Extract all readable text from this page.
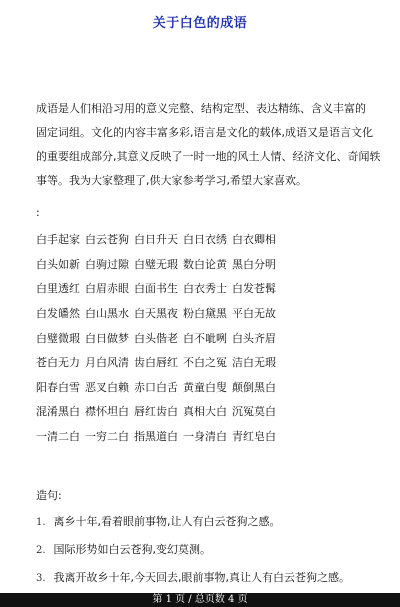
关于白色的成语
成语是人们相沿习用的意义完整、结构定型、表达精练、含义丰富的
固定词组。文化的内容丰富多彩,语言是文化的载体,成语又是语言文化
的重要组成部分,其意义反映了一时一地的风土人情、经济文化、奇闻轶
事等。我为大家整理了,供大家参考学习,希望大家喜欢。
:
白手起家 白云苍狗 白日升天 白日衣绣 白衣卿相
白头如新 白驹过隙 白璧无瑕 数白论黄 黑白分明
白里透红 白眉赤眼 白面书生 白衣秀士 白发苍髯
白发皤然 白山黑水 白天黑夜 粉白黛黑 平白无故
白璧微瑕 白日做梦 白头偕老 白不呲咧 白头齐眉
苍白无力 月白风清 齿白唇红 不白之冤 洁白无瑕
阳春白雪 恶叉白赖 赤口白舌 黄童白叟 颠倒黑白
混淆黑白 襟怀坦白 唇红齿白 真相大白 沉冤莫白
一清二白 一穷二白 指黑道白 一身清白 青红皂白
造句:
1. 离乡十年,看着眼前事物,让人有白云苍狗之感。
2. 国际形势如白云苍狗,变幻莫测。
3. 我离开故乡十年,今天回去,眼前事物,真让人有白云苍狗之感。
第 1 页 / 总页数 4 页
